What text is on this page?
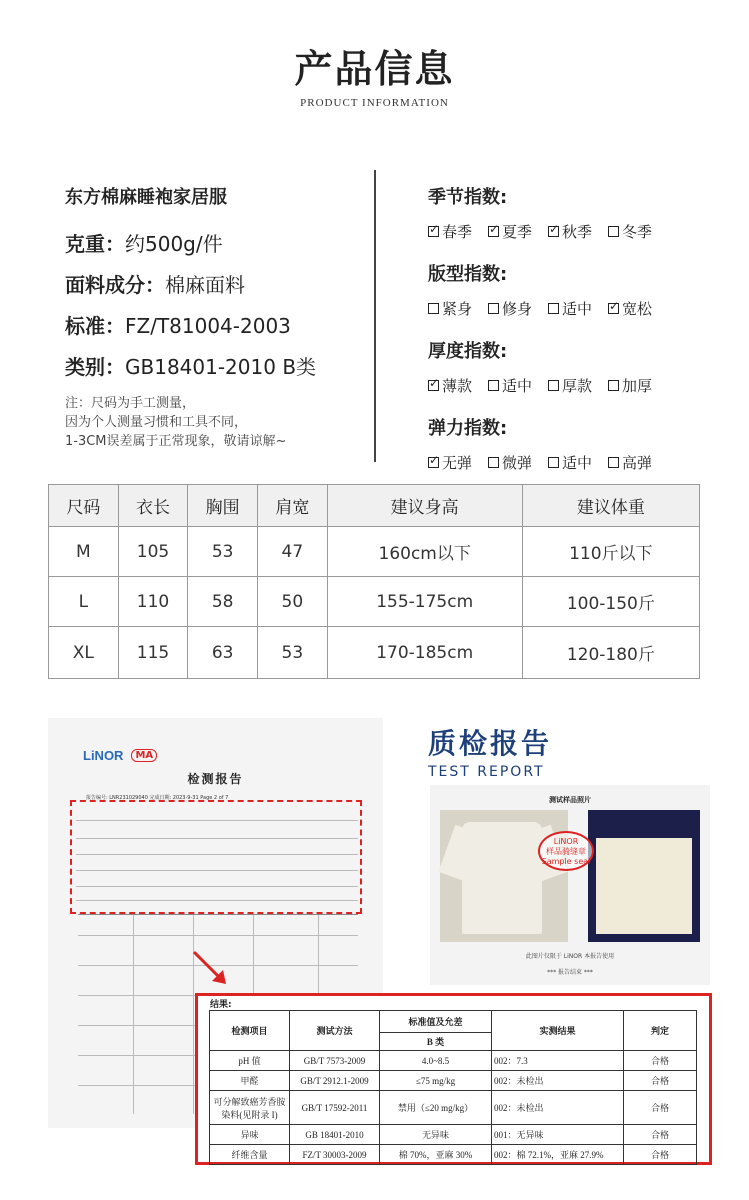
产品信息
PRODUCT INFORMATION
东方棉麻睡袍家居服
克重：约500g/件
面料成分：棉麻面料
标准：FZ/T81004-2003
类别：GB18401-2010 B类
注：尺码为手工测量，
因为个人测量习惯和工具不同，
1-3CM误差属于正常现象，敬请谅解~
季节指数:
✓
春季 ✓ 夏季 ✓ 秋季 冬季
版型指数:
紧身 修身 适中 ✓ 宽松
厚度指数:
✓
薄款 适中 厚款 加厚
弹力指数:
✓
无弹 微弹 适中 高弹
尺码	衣长	胸围	肩宽	建议身高	建议体重
M	105	53	47	160cm以下	110斤以下
L	110	58	50	155-175cm	100-150斤
XL	115	63	53	170-185cm	120-180斤
LiNOR	MA
检测报告
报告编号: LNR23102904​0 完成日期: 2023-9-31 Page 2 of 7
质检报告
TEST REPORT
测试样品照片
LiNOR
样品骑缝章
Sample seal
此图片仅限于 LiNOR 本报告使用
*** 报告结束 ***
结果:
检测项目	测试方法	标准值及允差	实测结果	判定
		B 类		
pH 值	GB/T 7573-2009	4.0~8.5	002：7.3	合格
甲醛	GB/T 2912.1-2009	≤75 mg/kg	002：未检出	合格
可分解致癌芳香胺染料(见附录 I)	GB/T 17592-2011	禁用（≤20 mg/kg）	002：未检出	合格
异味	GB 18401-2010	无异味	001：无异味	合格
纤维含量	FZ/T 30003-2009	棉 70%，亚麻 30%	002：棉 72.1%，亚麻 27.9%	合格
